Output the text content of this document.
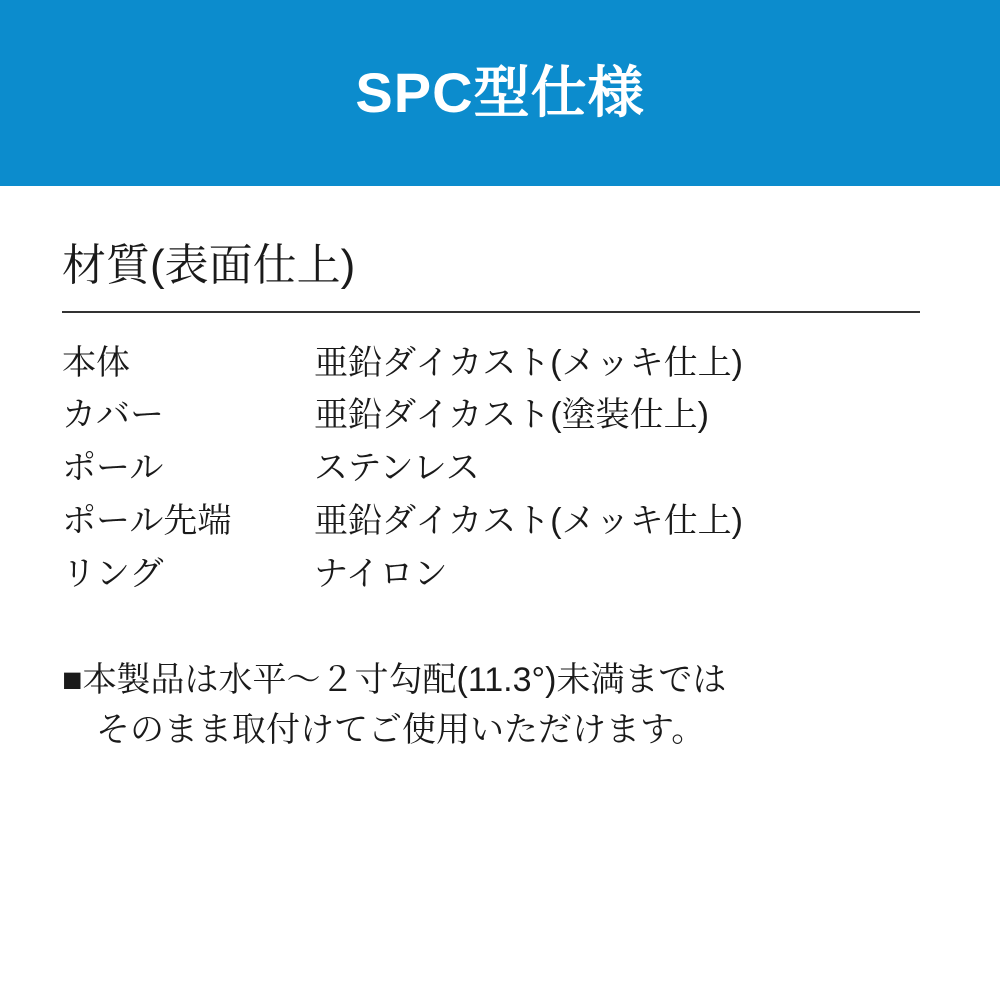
SPC型仕様
材質(表面仕上)
本体	亜鉛ダイカスト(メッキ仕上)
カバー	亜鉛ダイカスト(塗装仕上)
ポール	ステンレス
ポール先端	亜鉛ダイカスト(メッキ仕上)
リング	ナイロン
■本製品は水平～２寸勾配(11.3°)未満までは
そのまま取付けてご使用いただけます。
